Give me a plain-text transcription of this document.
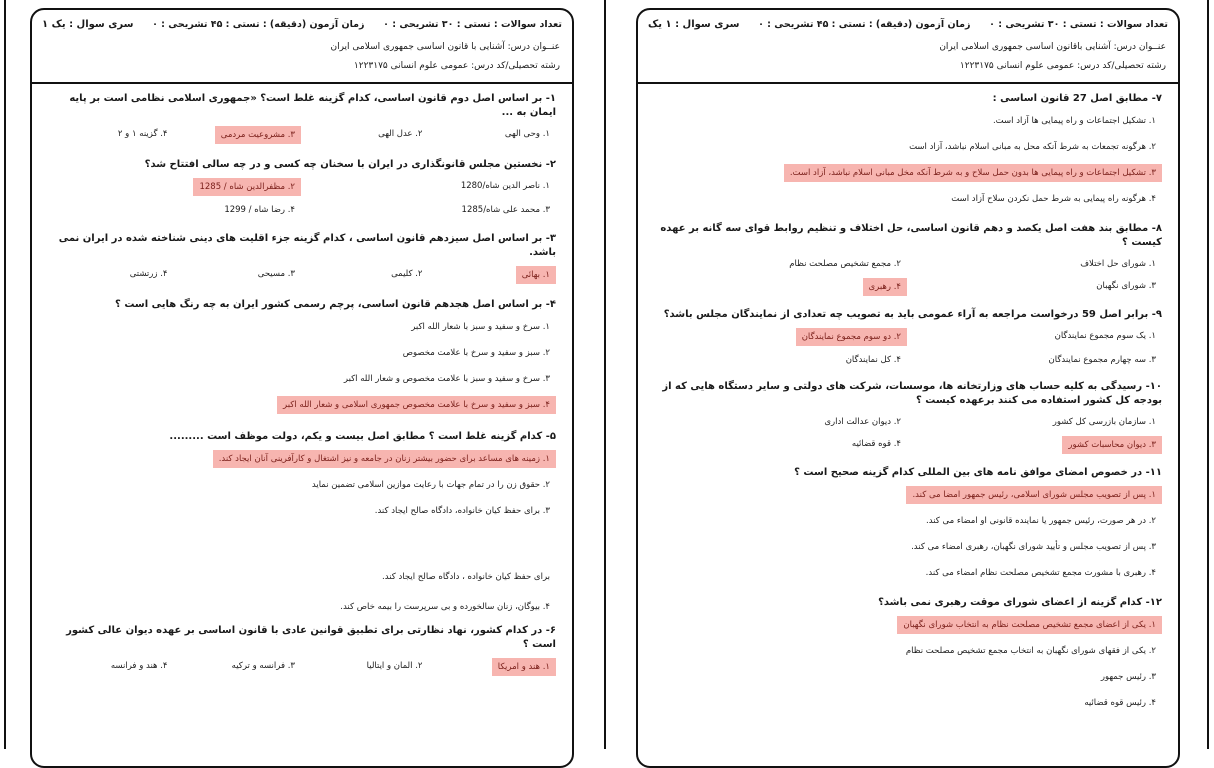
تعداد سوالات : تستی : ۳۰ تشریحی : ۰
زمان آزمون (دقیقه) : تستی : ۴۵ تشریحی : ۰
سری سوال : یک ۱
عنــوان درس: آشنایی با قانون اساسی جمهوری اسلامی ایران
رشته تحصیلی/کد درس: عمومی علوم انسانی ۱۲۲۳۱۷۵
۱- بر اساس اصل دوم قانون اساسی، کدام گزینه غلط است؟ «جمهوری اسلامی نظامی است بر پایه ایمان به ...
۱. وحی الهی
۲. عدل الهی
۳. مشروعیت مردمی
۴. گزینه ۱ و ۲
۲- نخستین مجلس قانونگذاری در ایران با سخنان چه کسی و در چه سالی افتتاح شد؟
۱. ناصر الدین شاه/1280
۲. مظفرالدین شاه / 1285
۳. محمد علی شاه/1285
۴. رضا شاه / 1299
۳- بر اساس اصل سیزدهم قانون اساسی ، کدام گزینه جزء اقلیت های دینی شناخته شده در ایران نمی باشد.
۱. بهائی
۲. کلیمی
۳. مسیحی
۴. زرتشتی
۴- بر اساس اصل هجدهم قانون اساسی، پرچم رسمی کشور ایران به چه رنگ هایی است ؟
۱. سرخ و سفید و سبز با شعار الله اکبر
۲. سبز و سفید و سرخ با علامت مخصوص
۳. سرخ و سفید و سبز با علامت مخصوص و شعار الله اکبر
۴. سبز و سفید و سرخ با علامت مخصوص جمهوری اسلامی و شعار الله اکبر
۵- کدام گزینه غلط است ؟ مطابق اصل بیست و یکم، دولت موظف است .........
۱. زمینه های مساعد برای حضور بیشتر زنان در جامعه و نیز اشتغال و کارآفرینی آنان ایجاد کند.
۲. حقوق زن را در تمام جهات با رعایت موازین اسلامی تضمین نماید
۳. برای حفظ کیان خانواده، دادگاه صالح ایجاد کند.
برای حفظ کیان خانواده ، دادگاه صالح ایجاد کند.
۴. بیوگان، زنان سالخورده و بی سرپرست را بیمه خاص کند.
۶- در کدام کشور، نهاد نظارتی برای تطبیق قوانین عادی با قانون اساسی بر عهده دیوان عالی کشور است ؟
۱. هند و امریکا
۲. المان و ایتالیا
۳. فرانسه و ترکیه
۴. هند و فرانسه
تعداد سوالات : تستی : ۳۰ تشریحی : ۰
زمان آزمون (دقیقه) : تستی : ۴۵ تشریحی : ۰
سری سوال : ۱ یک
عنــوان درس: آشنایی باقانون اساسی جمهوری اسلامی ایران
رشته تحصیلی/کد درس: عمومی علوم انسانی ۱۲۲۳۱۷۵
۷- مطابق اصل 27 قانون اساسی :
۱. تشکیل اجتماعات و راه پیمایی ها آزاد است.
۲. هرگونه تجمعات به شرط آنکه محل به مبانی اسلام نباشد، آزاد است
۳. تشکیل اجتماعات و راه پیمایی ها بدون حمل سلاح و به شرط آنکه مخل مبانی اسلام نباشد، آزاد است.
۴. هرگونه راه پیمایی به شرط حمل نکردن سلاح آزاد است
۸- مطابق بند هفت اصل یکصد و دهم قانون اساسی، حل اختلاف و تنظیم روابط قوای سه گانه بر عهده کیست ؟
۱. شورای حل اختلاف
۲. مجمع تشخیص مصلحت نظام
۳. شورای نگهبان
۴. رهبری
۹- برابر اصل 59 درخواست مراجعه به آراء عمومی باید به تصویب چه تعدادی از نمایندگان مجلس باشد؟
۱. یک سوم مجموع نمایندگان
۲. دو سوم مجموع نمایندگان
۳. سه چهارم مجموع نمایندگان
۴. کل نمایندگان
۱۰- رسیدگی به کلیه حساب های وزارتخانه ها، موسسات، شرکت های دولتی و سایر دستگاه هایی که از بودجه کل کشور استفاده می کنند برعهده کیست ؟
۱. سازمان بازرسی کل کشور
۲. دیوان عدالت اداری
۳. دیوان محاسبات کشور
۴. قوه قضائیه
۱۱- در خصوص امضای موافق نامه های بین المللی کدام گزینه صحیح است ؟
۱. پس از تصویب مجلس شورای اسلامی، رئیس جمهور امضا می کند.
۲. در هر صورت، رئیس جمهور یا نماینده قانونی او امضاء می کند.
۳. پس از تصویب مجلس و تأیید شورای نگهبان، رهبری امضاء می کند.
۴. رهبری با مشورت مجمع تشخیص مصلحت نظام امضاء می کند.
۱۲- کدام گزینه از اعضای شورای موقت رهبری نمی باشد؟
۱. یکی از اعضای مجمع تشخیص مصلحت نظام به انتخاب شورای نگهبان
۲. یکی از فقهای شورای نگهبان به انتخاب مجمع تشخیص مصلحت نظام
۳. رئیس جمهور
۴. رئیس قوه قضائیه
